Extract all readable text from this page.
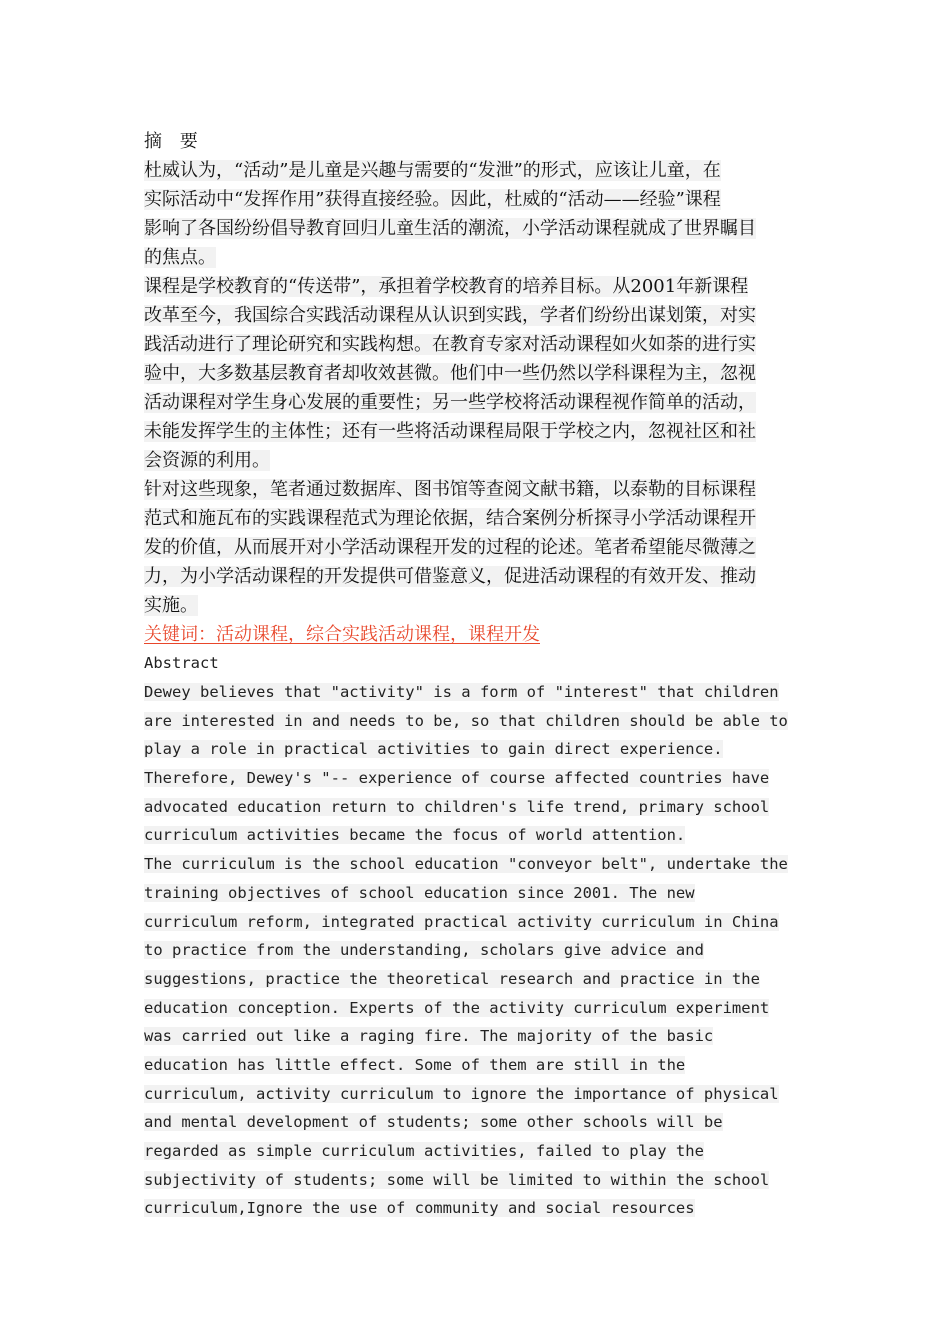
摘 要
杜威认为，“活动”是儿童是兴趣与需要的“发泄”的形式，应该让儿童，在
实际活动中“发挥作用”获得直接经验。因此，杜威的“活动——经验”课程
影响了各国纷纷倡导教育回归儿童生活的潮流，小学活动课程就成了世界瞩目
的焦点。
课程是学校教育的“传送带”，承担着学校教育的培养目标。从2001年新课程
改革至今，我国综合实践活动课程从认识到实践，学者们纷纷出谋划策，对实
践活动进行了理论研究和实践构想。在教育专家对活动课程如火如荼的进行实
验中，大多数基层教育者却收效甚微。他们中一些仍然以学科课程为主，忽视
活动课程对学生身心发展的重要性；另一些学校将活动课程视作简单的活动，
未能发挥学生的主体性；还有一些将活动课程局限于学校之内，忽视社区和社
会资源的利用。
针对这些现象，笔者通过数据库、图书馆等查阅文献书籍，以泰勒的目标课程
范式和施瓦布的实践课程范式为理论依据，结合案例分析探寻小学活动课程开
发的价值，从而展开对小学活动课程开发的过程的论述。笔者希望能尽微薄之
力，为小学活动课程的开发提供可借鉴意义，促进活动课程的有效开发、推动
实施。
关键词：活动课程，综合实践活动课程，课程开发
Abstract
Dewey believes that "activity" is a form of "interest" that children
are interested in and needs to be, so that children should be able to
play a role in practical activities to gain direct experience.
Therefore, Dewey's "-- experience of course affected countries have
advocated education return to children's life trend, primary school
curriculum activities became the focus of world attention.
The curriculum is the school education "conveyor belt", undertake the
training objectives of school education since 2001. The new
curriculum reform, integrated practical activity curriculum in China
to practice from the understanding, scholars give advice and
suggestions, practice the theoretical research and practice in the
education conception. Experts of the activity curriculum experiment
was carried out like a raging fire. The majority of the basic
education has little effect. Some of them are still in the
curriculum, activity curriculum to ignore the importance of physical
and mental development of students; some other schools will be
regarded as simple curriculum activities, failed to play the
subjectivity of students; some will be limited to within the school
curriculum,Ignore the use of community and social resources
